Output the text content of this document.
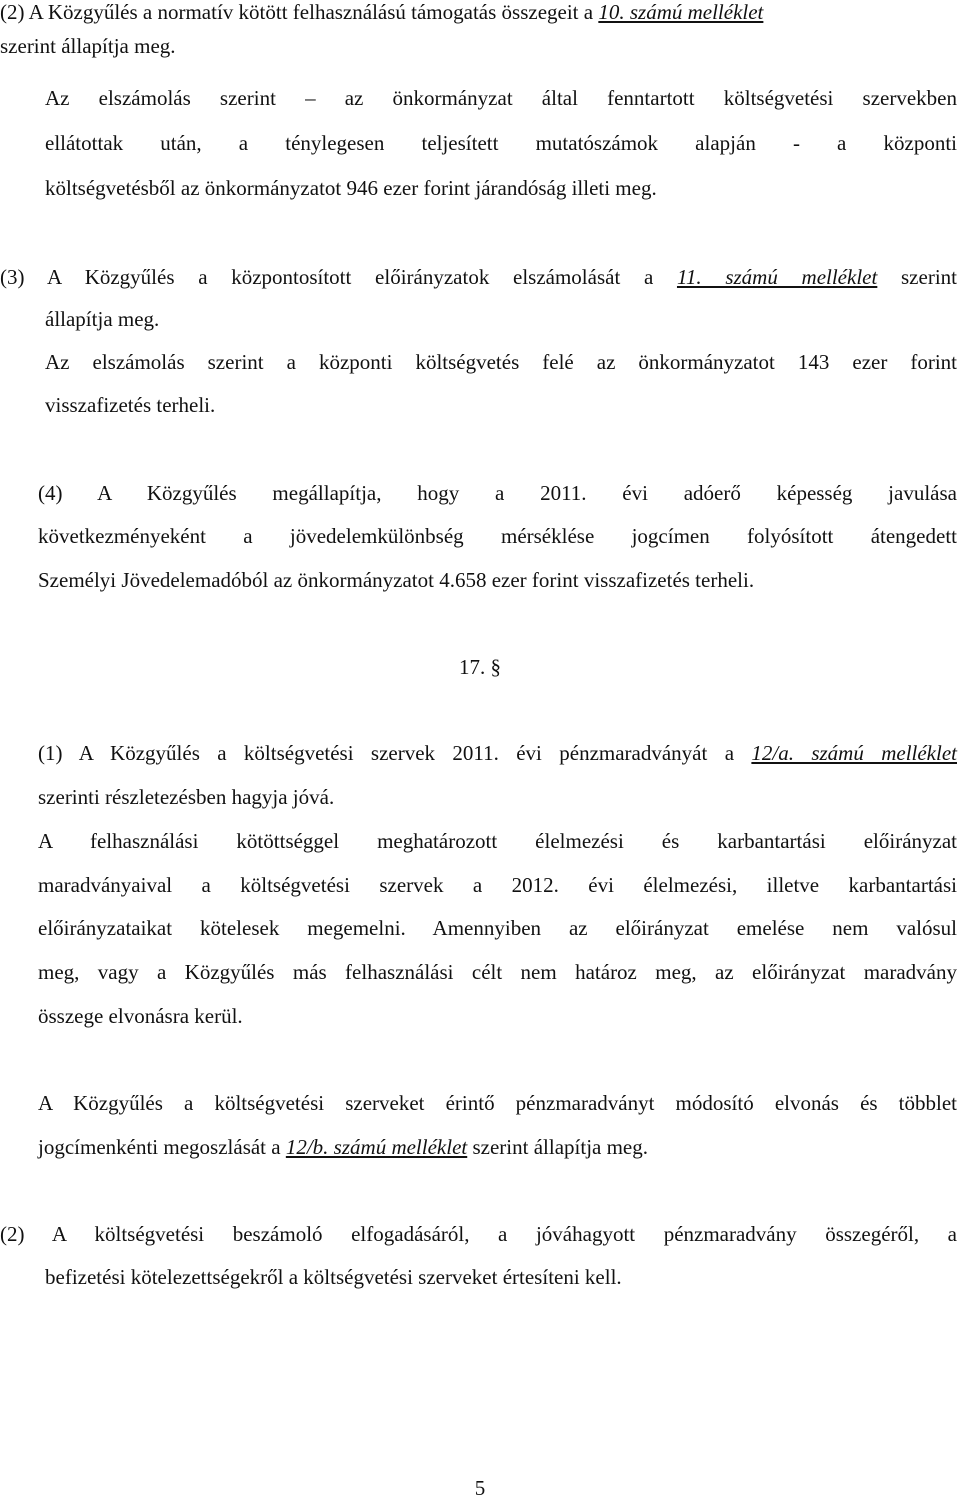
(2) A Közgyűlés a normatív kötött felhasználású támogatás összegeit a 10. számú melléklet
szerint állapítja meg.
Az elszámolás szerint – az önkormányzat által fenntartott költségvetési szervekben
ellátottak után, a ténylegesen teljesített mutatószámok alapján - a központi
költségvetésből az önkormányzatot 946 ezer forint járandóság illeti meg.
(3) A Közgyűlés a központosított előirányzatok elszámolását a 11. számú melléklet szerint
állapítja meg.
Az elszámolás szerint a központi költségvetés felé az önkormányzatot 143 ezer forint
visszafizetés terheli.
(4) A Közgyűlés megállapítja, hogy a 2011. évi adóerő képesség javulása
következményeként a jövedelemkülönbség mérséklése jogcímen folyósított átengedett
Személyi Jövedelemadóból az önkormányzatot 4.658 ezer forint visszafizetés terheli.
17. §
(1) A Közgyűlés a költségvetési szervek 2011. évi pénzmaradványát a 12/a. számú melléklet
szerinti részletezésben hagyja jóvá.
A felhasználási kötöttséggel meghatározott élelmezési és karbantartási előirányzat
maradványaival a költségvetési szervek a 2012. évi élelmezési, illetve karbantartási
előirányzataikat kötelesek megemelni. Amennyiben az előirányzat emelése nem valósul
meg, vagy a Közgyűlés más felhasználási célt nem határoz meg, az előirányzat maradvány
összege elvonásra kerül.
A Közgyűlés a költségvetési szerveket érintő pénzmaradványt módosító elvonás és többlet
jogcímenkénti megoszlását a 12/b. számú melléklet szerint állapítja meg.
(2) A költségvetési beszámoló elfogadásáról, a jóváhagyott pénzmaradvány összegéről, a
befizetési kötelezettségekről a költségvetési szerveket értesíteni kell.
5
